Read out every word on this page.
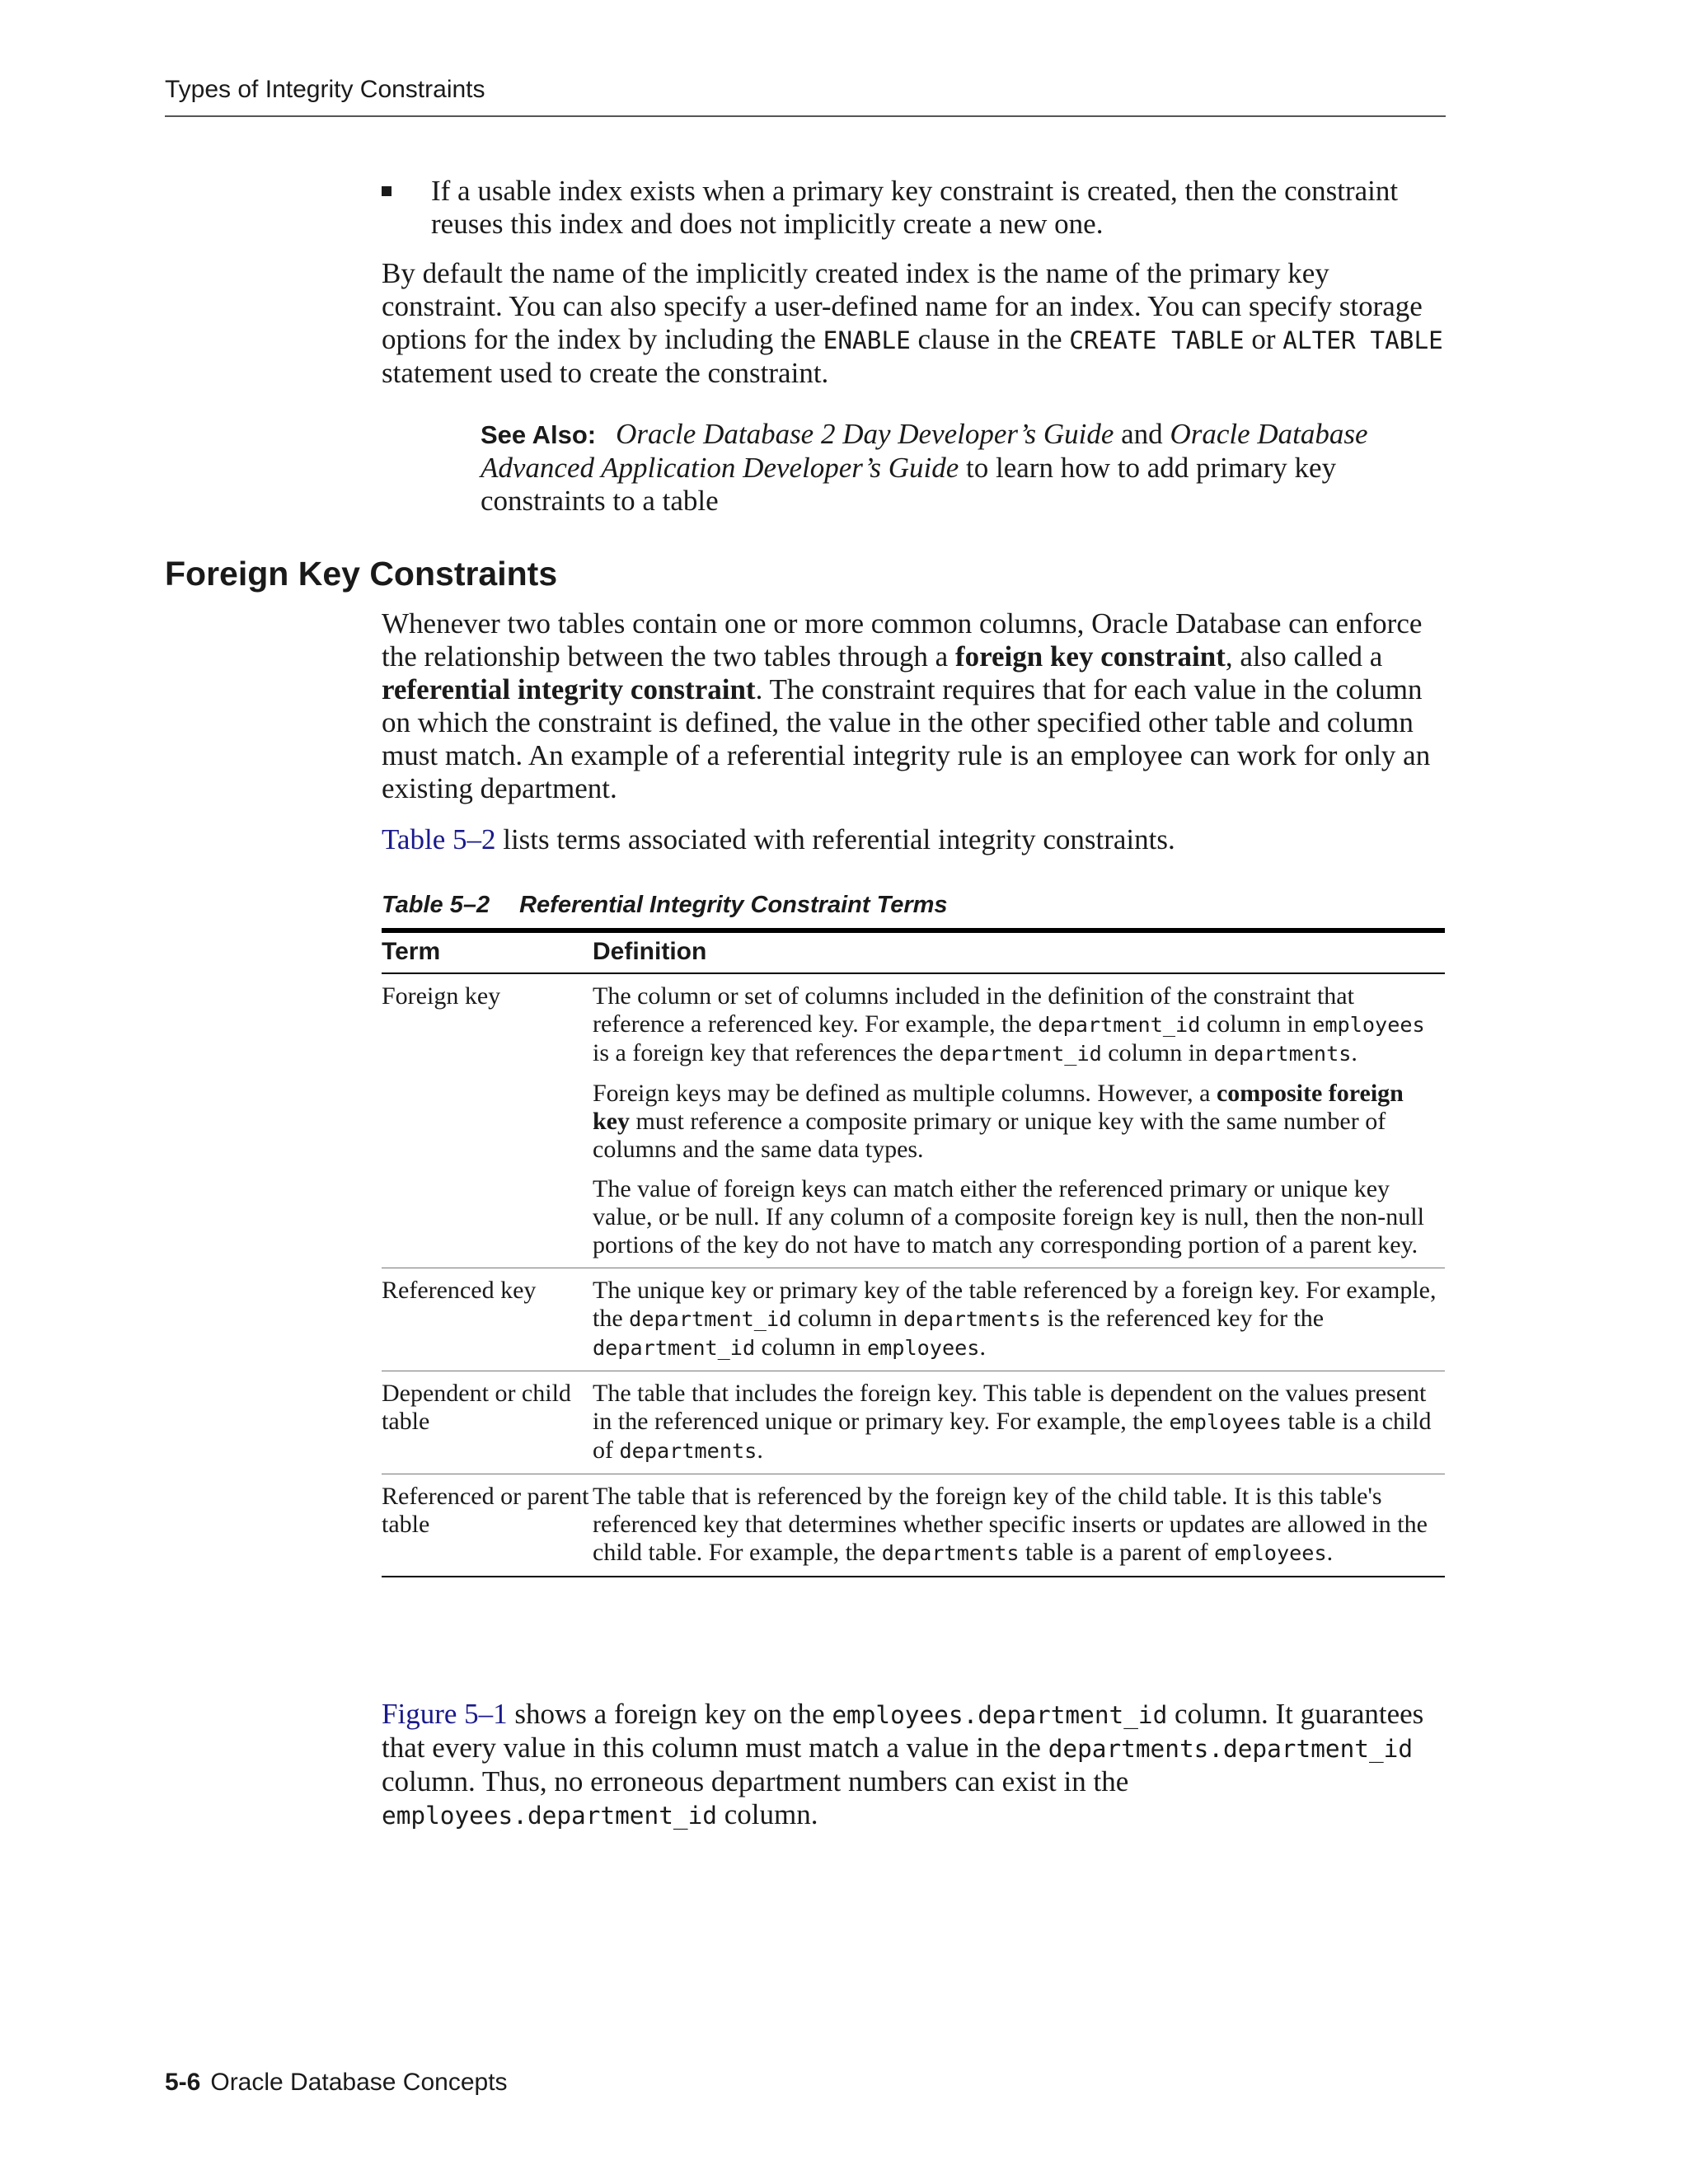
Types of Integrity Constraints

If a usable index exists when a primary key constraint is created, then the constraint reuses this index and does not implicitly create a new one.

By default the name of the implicitly created index is the name of the primary key constraint. You can also specify a user-defined name for an index. You can specify storage options for the index by including the ENABLE clause in the CREATE TABLE or ALTER TABLE statement used to create the constraint.

See Also: Oracle Database 2 Day Developer’s Guide and Oracle Database Advanced Application Developer’s Guide to learn how to add primary key constraints to a table
Foreign Key Constraints

Whenever two tables contain one or more common columns, Oracle Database can enforce the relationship between the two tables through a foreign key constraint, also called a referential integrity constraint. The constraint requires that for each value in the column on which the constraint is defined, the value in the other specified other table and column must match. An example of a referential integrity rule is an employee can work for only an existing department.

Table 5–2 lists terms associated with referential integrity constraints.

Table 5–2 Referential Integrity Constraint Terms
Term	Definition
Foreign key	The column or set of columns included in the definition of the constraint that reference a referenced key. For example, the department_id column in employees is a foreign key that references the department_id column in departments.

Foreign keys may be defined as multiple columns. However, a composite foreign key must reference a composite primary or unique key with the same number of columns and the same data types.

The value of foreign keys can match either the referenced primary or unique key value, or be null. If any column of a composite foreign key is null, then the non-null portions of the key do not have to match any corresponding portion of a parent key.

Referenced key	The unique key or primary key of the table referenced by a foreign key. For example, the department_id column in departments is the referenced key for the department_id column in employees.
Dependent or child table	The table that includes the foreign key. This table is dependent on the values present in the referenced unique or primary key. For example, the employees table is a child of departments.
Referenced or parent table	The table that is referenced by the foreign key of the child table. It is this table's referenced key that determines whether specific inserts or updates are allowed in the child table. For example, the departments table is a parent of employees.

Figure 5–1 shows a foreign key on the employees.department_id column. It guarantees that every value in this column must match a value in the departments.department_id column. Thus, no erroneous department numbers can exist in the employees.department_id column.

5-6 Oracle Database Concepts
